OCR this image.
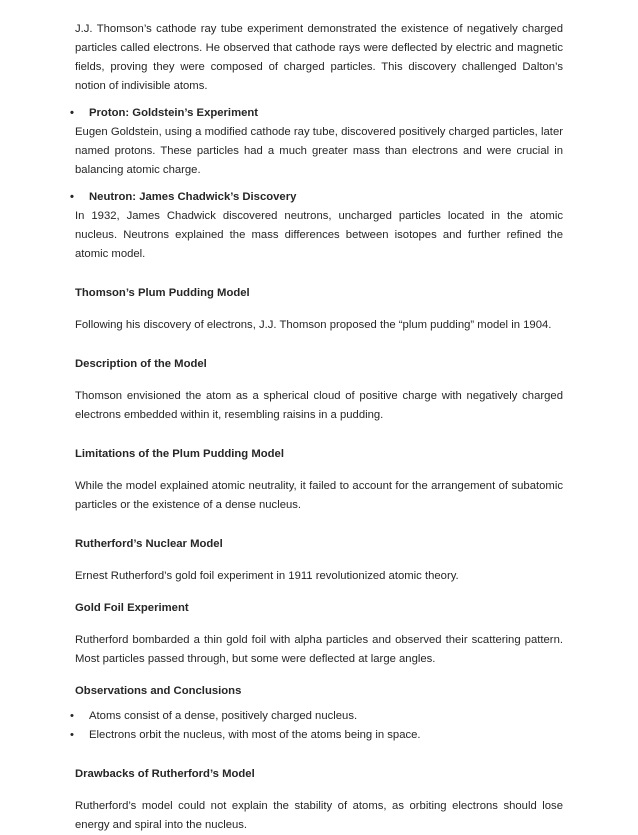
J.J. Thomson’s cathode ray tube experiment demonstrated the existence of negatively charged particles called electrons. He observed that cathode rays were deflected by electric and magnetic fields, proving they were composed of charged particles. This discovery challenged Dalton’s notion of indivisible atoms.

• Proton: Goldstein’s Experiment

Eugen Goldstein, using a modified cathode ray tube, discovered positively charged particles, later named protons. These particles had a much greater mass than electrons and were crucial in balancing atomic charge.

• Neutron: James Chadwick’s Discovery

In 1932, James Chadwick discovered neutrons, uncharged particles located in the atomic nucleus. Neutrons explained the mass differences between isotopes and further refined the atomic model.

Thomson’s Plum Pudding Model

Following his discovery of electrons, J.J. Thomson proposed the “plum pudding” model in 1904.

Description of the Model

Thomson envisioned the atom as a spherical cloud of positive charge with negatively charged electrons embedded within it, resembling raisins in a pudding.

Limitations of the Plum Pudding Model

While the model explained atomic neutrality, it failed to account for the arrangement of subatomic particles or the existence of a dense nucleus.

Rutherford’s Nuclear Model

Ernest Rutherford’s gold foil experiment in 1911 revolutionized atomic theory.

Gold Foil Experiment

Rutherford bombarded a thin gold foil with alpha particles and observed their scattering pattern. Most particles passed through, but some were deflected at large angles.

Observations and Conclusions

• Atoms consist of a dense, positively charged nucleus.
• Electrons orbit the nucleus, with most of the atoms being in space.

Drawbacks of Rutherford’s Model

Rutherford’s model could not explain the stability of atoms, as orbiting electrons should lose energy and spiral into the nucleus.
